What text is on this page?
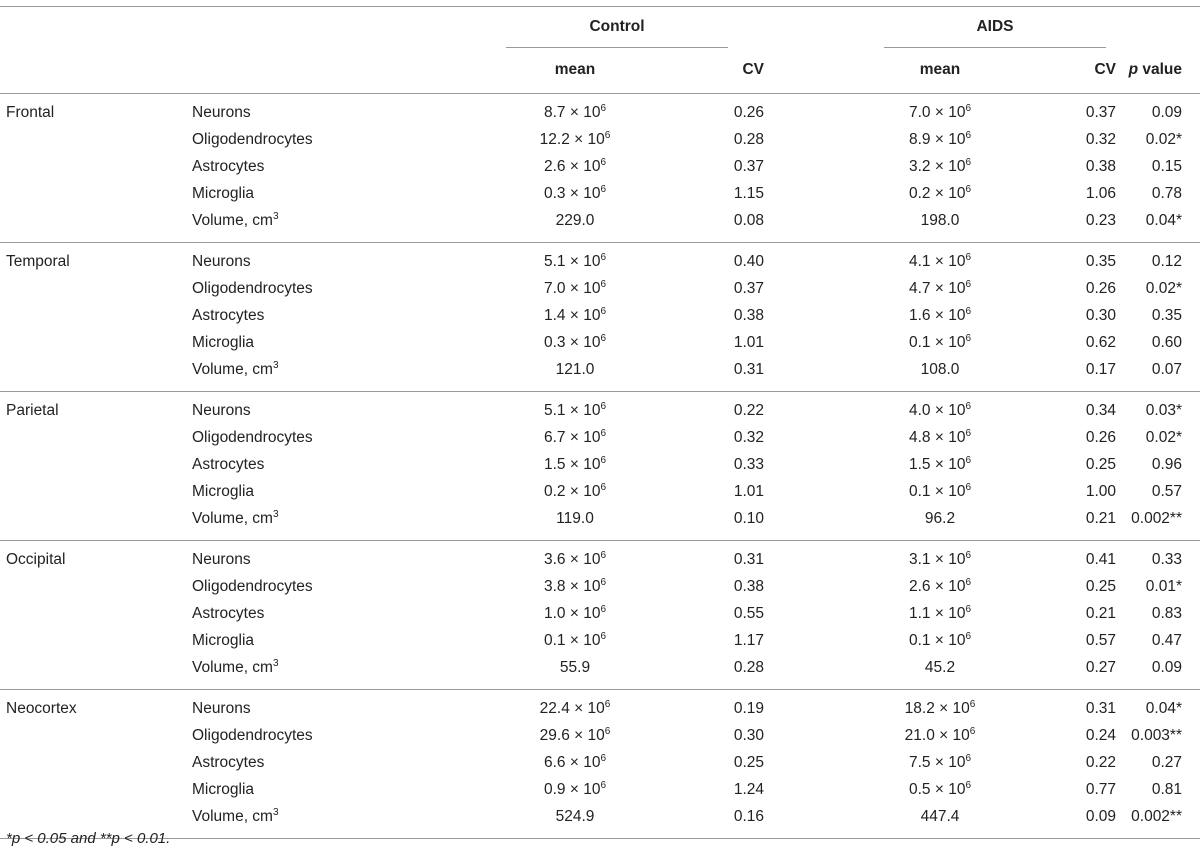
		Control		AIDS		
		mean	CV	mean	CV	p value
Frontal	Neurons	$8.7 \times 10^6$	0.26	$7.0 \times 10^6$	0.37	0.09
	Oligodendrocytes	$12.2 \times 10^6$	0.28	$8.9 \times 10^6$	0.32	0.02*
	Astrocytes	$2.6 \times 10^6$	0.37	$3.2 \times 10^6$	0.38	0.15
	Microglia	$0.3 \times 10^6$	1.15	$0.2 \times 10^6$	1.06	0.78
	Volume, $cm^3$	229.0	0.08	198.0	0.23	0.04*
Temporal	Neurons	$5.1 \times 10^6$	0.40	$4.1 \times 10^6$	0.35	0.12
	Oligodendrocytes	$7.0 \times 10^6$	0.37	$4.7 \times 10^6$	0.26	0.02*
	Astrocytes	$1.4 \times 10^6$	0.38	$1.6 \times 10^6$	0.30	0.35
	Microglia	$0.3 \times 10^6$	1.01	$0.1 \times 10^6$	0.62	0.60
	Volume, $cm^3$	121.0	0.31	108.0	0.17	0.07
Parietal	Neurons	$5.1 \times 10^6$	0.22	$4.0 \times 10^6$	0.34	0.03*
	Oligodendrocytes	$6.7 \times 10^6$	0.32	$4.8 \times 10^6$	0.26	0.02*
	Astrocytes	$1.5 \times 10^6$	0.33	$1.5 \times 10^6$	0.25	0.96
	Microglia	$0.2 \times 10^6$	1.01	$0.1 \times 10^6$	1.00	0.57
	Volume, $cm^3$	119.0	0.10	96.2	0.21	0.002**
Occipital	Neurons	$3.6 \times 10^6$	0.31	$3.1 \times 10^6$	0.41	0.33
	Oligodendrocytes	$3.8 \times 10^6$	0.38	$2.6 \times 10^6$	0.25	0.01*
	Astrocytes	$1.0 \times 10^6$	0.55	$1.1 \times 10^6$	0.21	0.83
	Microglia	$0.1 \times 10^6$	1.17	$0.1 \times 10^6$	0.57	0.47
	Volume, $cm^3$	55.9	0.28	45.2	0.27	0.09
Neocortex	Neurons	$22.4 \times 10^6$	0.19	$18.2 \times 10^6$	0.31	0.04*
	Oligodendrocytes	$29.6 \times 10^6$	0.30	$21.0 \times 10^6$	0.24	0.003**
	Astrocytes	$6.6 \times 10^6$	0.25	$7.5 \times 10^6$	0.22	0.27
	Microglia	$0.9 \times 10^6$	1.24	$0.5 \times 10^6$	0.77	0.81
	Volume, $cm^3$	524.9	0.16	447.4	0.09	0.002**

*p < 0.05 and **p < 0.01.
